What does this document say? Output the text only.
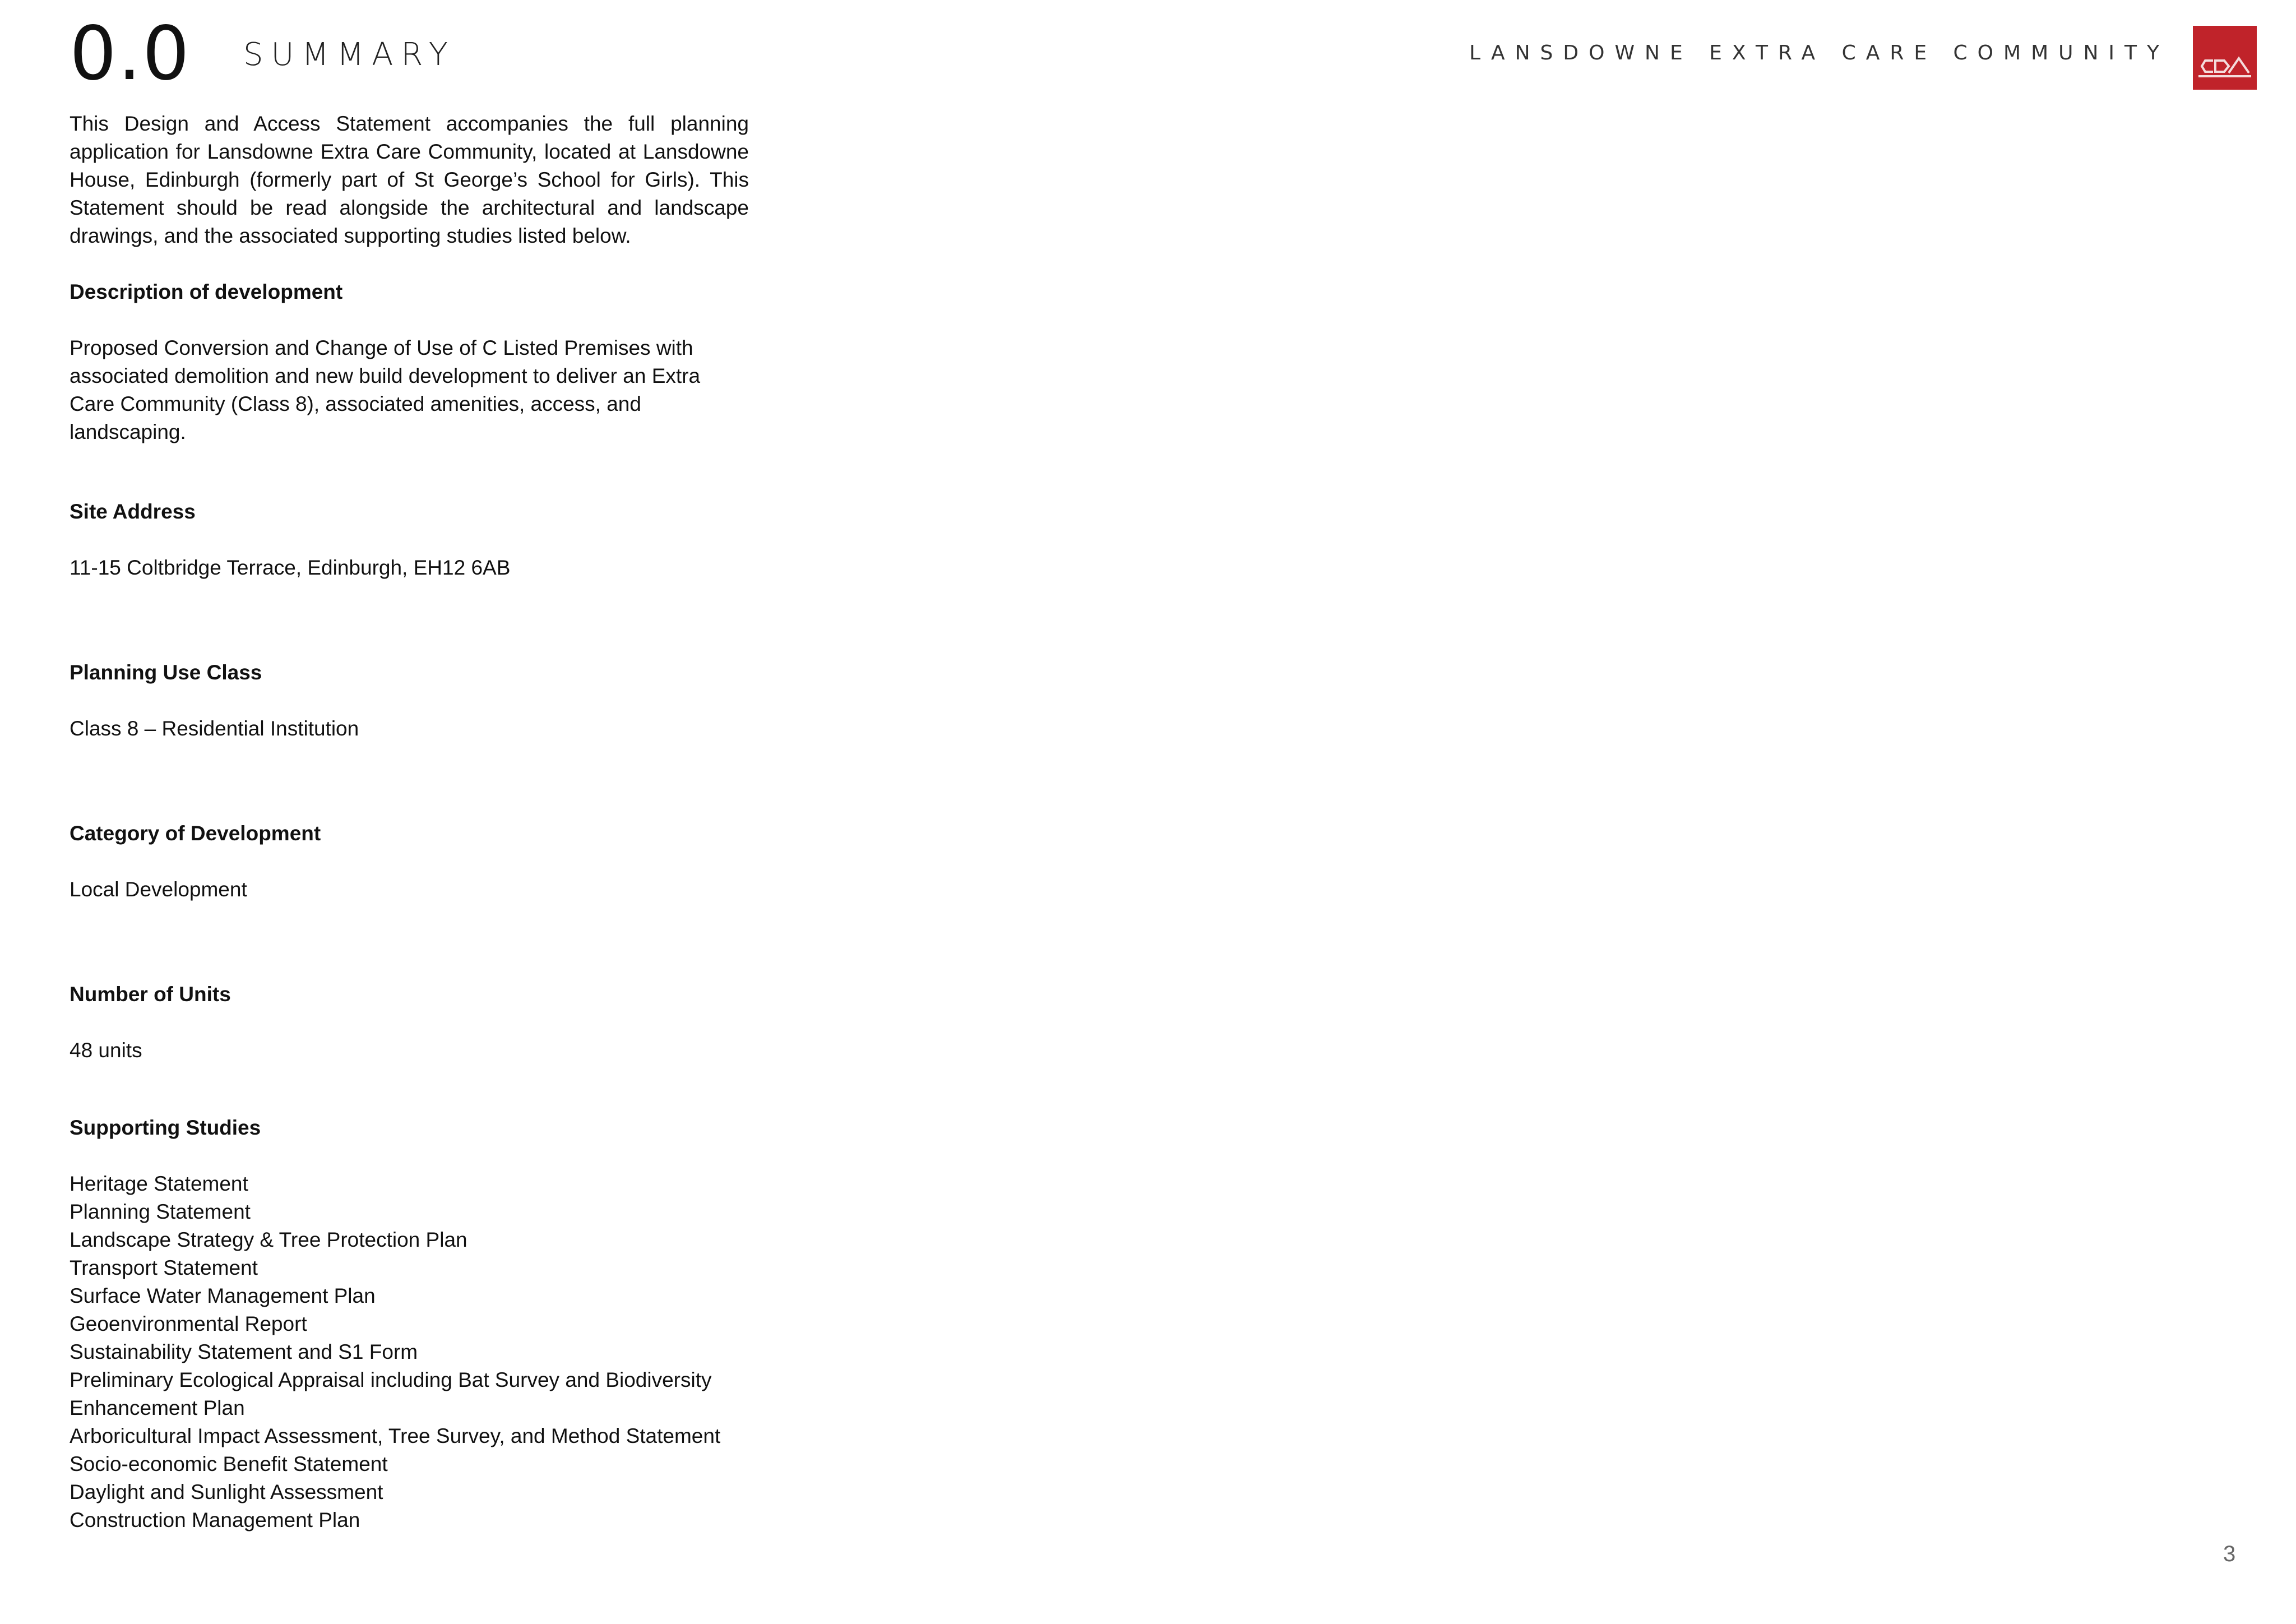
0.0 SUMMARY	LANSDOWNE EXTRA CARE COMMUNITY

This Design and Access Statement accompanies the full planning application for Lansdowne Extra Care Community, located at Lansdowne House, Edinburgh (formerly part of St George’s School for Girls). This Statement should be read alongside the architectural and landscape drawings, and the associated supporting studies listed below.

Description of development

Proposed Conversion and Change of Use of C Listed Premises with associated demolition and new build development to deliver an Extra Care Community (Class 8), associated amenities, access, and landscaping.

Site Address

11-15 Coltbridge Terrace, Edinburgh, EH12 6AB

Planning Use Class

Class 8 – Residential Institution

Category of Development

Local Development

Number of Units

48 units

Supporting Studies

Heritage Statement
Planning Statement
Landscape Strategy & Tree Protection Plan
Transport Statement
Surface Water Management Plan
Geoenvironmental Report
Sustainability Statement and S1 Form
Preliminary Ecological Appraisal including Bat Survey and Biodiversity
Enhancement Plan
Arboricultural Impact Assessment, Tree Survey, and Method Statement
Socio-economic Benefit Statement
Daylight and Sunlight Assessment
Construction Management Plan
3
